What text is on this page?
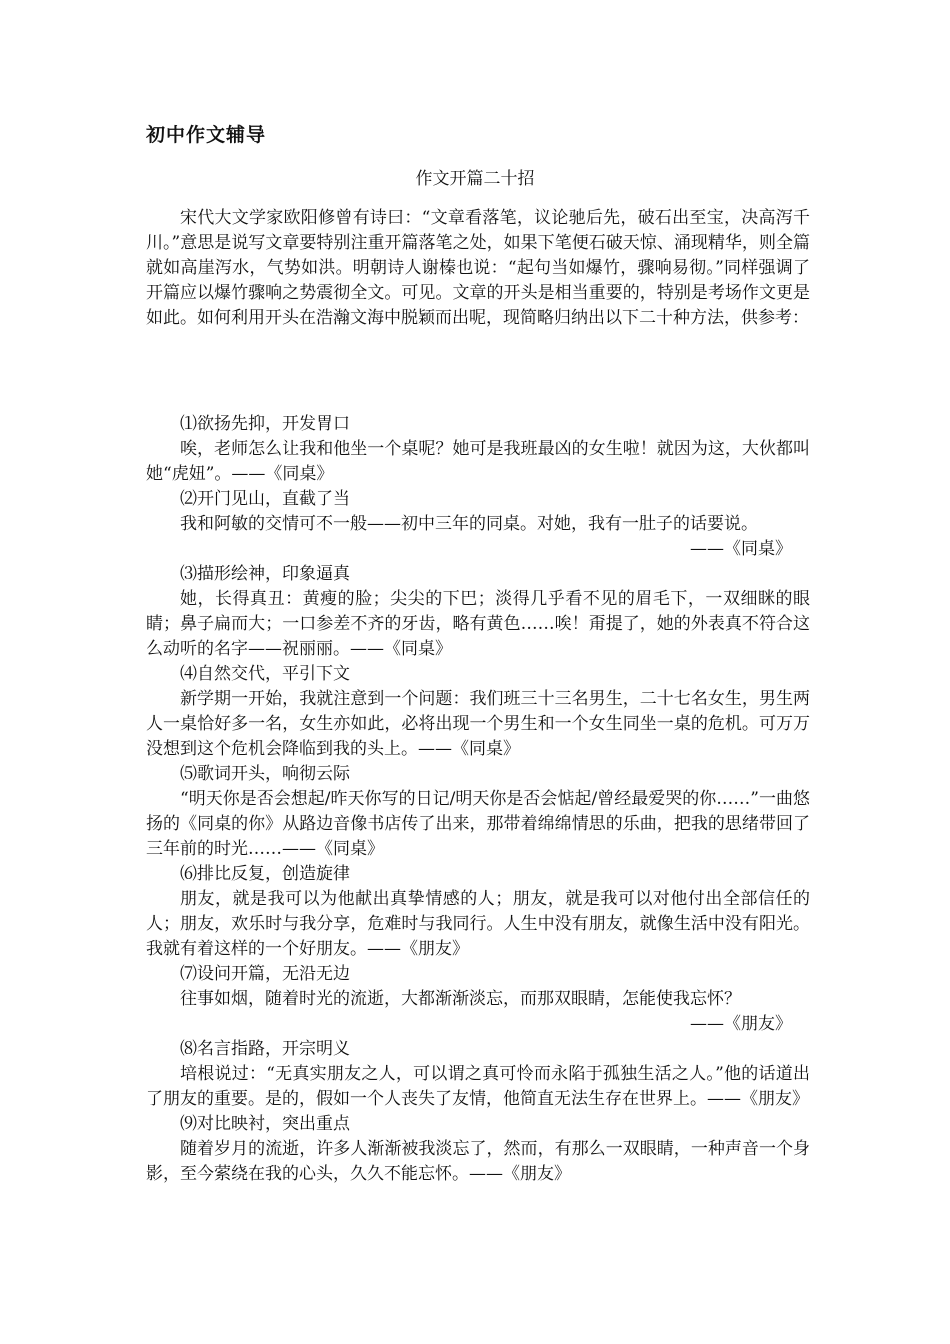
初中作文辅导
作文开篇二十招

宋代大文学家欧阳修曾有诗曰：“文章看落笔，议论驰后先，破石出至宝，决高泻千川。”意思是说写文章要特别注重开篇落笔之处，如果下笔便石破天惊、涌现精华，则全篇就如高崖泻水，气势如洪。明朝诗人谢榛也说：“起句当如爆竹，骤响易彻。”同样强调了开篇应以爆竹骤响之势震彻全文。可见。文章的开头是相当重要的，特别是考场作文更是如此。如何利用开头在浩瀚文海中脱颖而出呢，现简略归纳出以下二十种方法，供参考：

⑴欲扬先抑，开发胃口

唉，老师怎么让我和他坐一个桌呢？她可是我班最凶的女生啦！就因为这，大伙都叫她“虎妞”。——《同桌》

⑵开门见山，直截了当

我和阿敏的交情可不一般——初中三年的同桌。对她，我有一肚子的话要说。

——《同桌》

⑶描形绘神，印象逼真

她，长得真丑：黄瘦的脸；尖尖的下巴；淡得几乎看不见的眉毛下，一双细眯的眼睛；鼻子扁而大；一口参差不齐的牙齿，略有黄色……唉！甭提了，她的外表真不符合这么动听的名字——祝丽丽。——《同桌》

⑷自然交代，平引下文

新学期一开始，我就注意到一个问题：我们班三十三名男生，二十七名女生，男生两人一桌恰好多一名，女生亦如此，必将出现一个男生和一个女生同坐一桌的危机。可万万没想到这个危机会降临到我的头上。——《同桌》

⑸歌词开头，响彻云际

“明天你是否会想起/昨天你写的日记/明天你是否会惦起/曾经最爱哭的你……”一曲悠扬的《同桌的你》从路边音像书店传了出来，那带着绵绵情思的乐曲，把我的思绪带回了三年前的时光……——《同桌》

⑹排比反复，创造旋律

朋友，就是我可以为他献出真挚情感的人；朋友，就是我可以对他付出全部信任的人；朋友，欢乐时与我分享，危难时与我同行。人生中没有朋友，就像生活中没有阳光。我就有着这样的一个好朋友。——《朋友》

⑺设问开篇，无沿无边

往事如烟，随着时光的流逝，大都渐渐淡忘，而那双眼睛，怎能使我忘怀？

——《朋友》

⑻名言指路，开宗明义

培根说过：“无真实朋友之人，可以谓之真可怜而永陷于孤独生活之人。”他的话道出了朋友的重要。是的，假如一个人丧失了友情，他简直无法生存在世界上。——《朋友》

⑼对比映衬，突出重点

随着岁月的流逝，许多人渐渐被我淡忘了，然而，有那么一双眼睛，一种声音一个身影，至今萦绕在我的心头，久久不能忘怀。——《朋友》
